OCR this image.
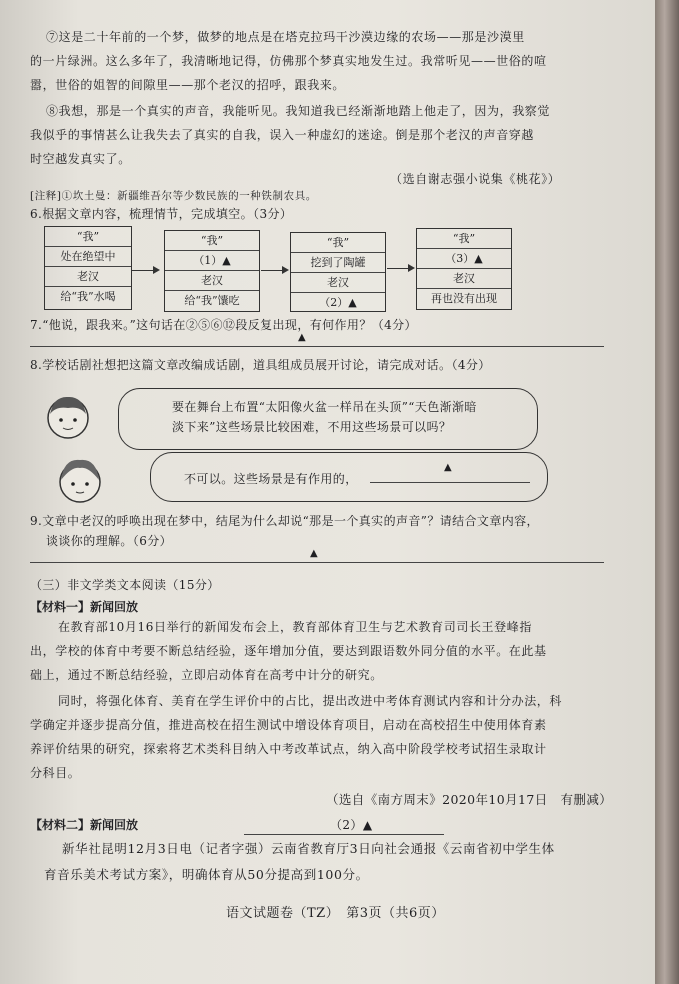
⑦这是二十年前的一个梦，做梦的地点是在塔克拉玛干沙漠边缘的农场——那是沙漠里
的一片绿洲。这么多年了，我清晰地记得，仿佛那个梦真实地发生过。我常听见——世俗的喧
嚣，世俗的姐智的间隙里——那个老汉的招呼，跟我来。
⑧我想，那是一个真实的声音，我能听见。我知道我已经渐渐地踏上他走了，因为，我察觉
我似乎的事情甚么让我失去了真实的自我，误入一种虚幻的迷途。倒是那个老汉的声音穿越
时空越发真实了。
（选自谢志强小说集《桃花》）
[注释]①坎土曼：新疆维吾尔等少数民族的一种铁制农具。
6.根据文章内容，梳理情节，完成填空。（3分）
“我”
处在绝望中
老汉
给“我”水喝
“我”
（1）▲
老汉
给“我”馕吃
“我”
挖到了陶罐
老汉
（2）▲
“我”
（3）▲
老汉
再也没有出现
7.“他说，跟我来。”这句话在②⑤⑥⑫段反复出现，有何作用？（4分）
▲
8.学校话剧社想把这篇文章改编成话剧，道具组成员展开讨论，请完成对话。（4分）
要在舞台上布置“太阳像火盆一样吊在头顶”“天色渐渐暗
淡下来”这些场景比较困难，不用这些场景可以吗？
不可以。这些场景是有作用的，
▲
9.文章中老汉的呼唤出现在梦中，结尾为什么却说“那是一个真实的声音”？请结合文章内容，
谈谈你的理解。（6分）
▲
（三）非文学类文本阅读（15分）
【材料一】新闻回放
在教育部10月16日举行的新闻发布会上，教育部体育卫生与艺术教育司司长王登峰指
出，学校的体育中考要不断总结经验，逐年增加分值，要达到跟语数外同分值的水平。在此基
础上，通过不断总结经验，立即启动体育在高考中计分的研究。
同时，将强化体育、美育在学生评价中的占比，提出改进中考体育测试内容和计分办法，科
学确定并逐步提高分值，推进高校在招生测试中增设体育项目，启动在高校招生中使用体育素
养评价结果的研究，探索将艺术类科目纳入中考改革试点，纳入高中阶段学校考试招生录取计
分科目。
（选自《南方周末》2020年10月17日　有删减）
【材料二】新闻回放	（2）▲
新华社昆明12月3日电（记者字强）云南省教育厅3日向社会通报《云南省初中学生体
育音乐美术考试方案》，明确体育从50分提高到100分。
语文试题卷（TZ）　第3页（共6页）
